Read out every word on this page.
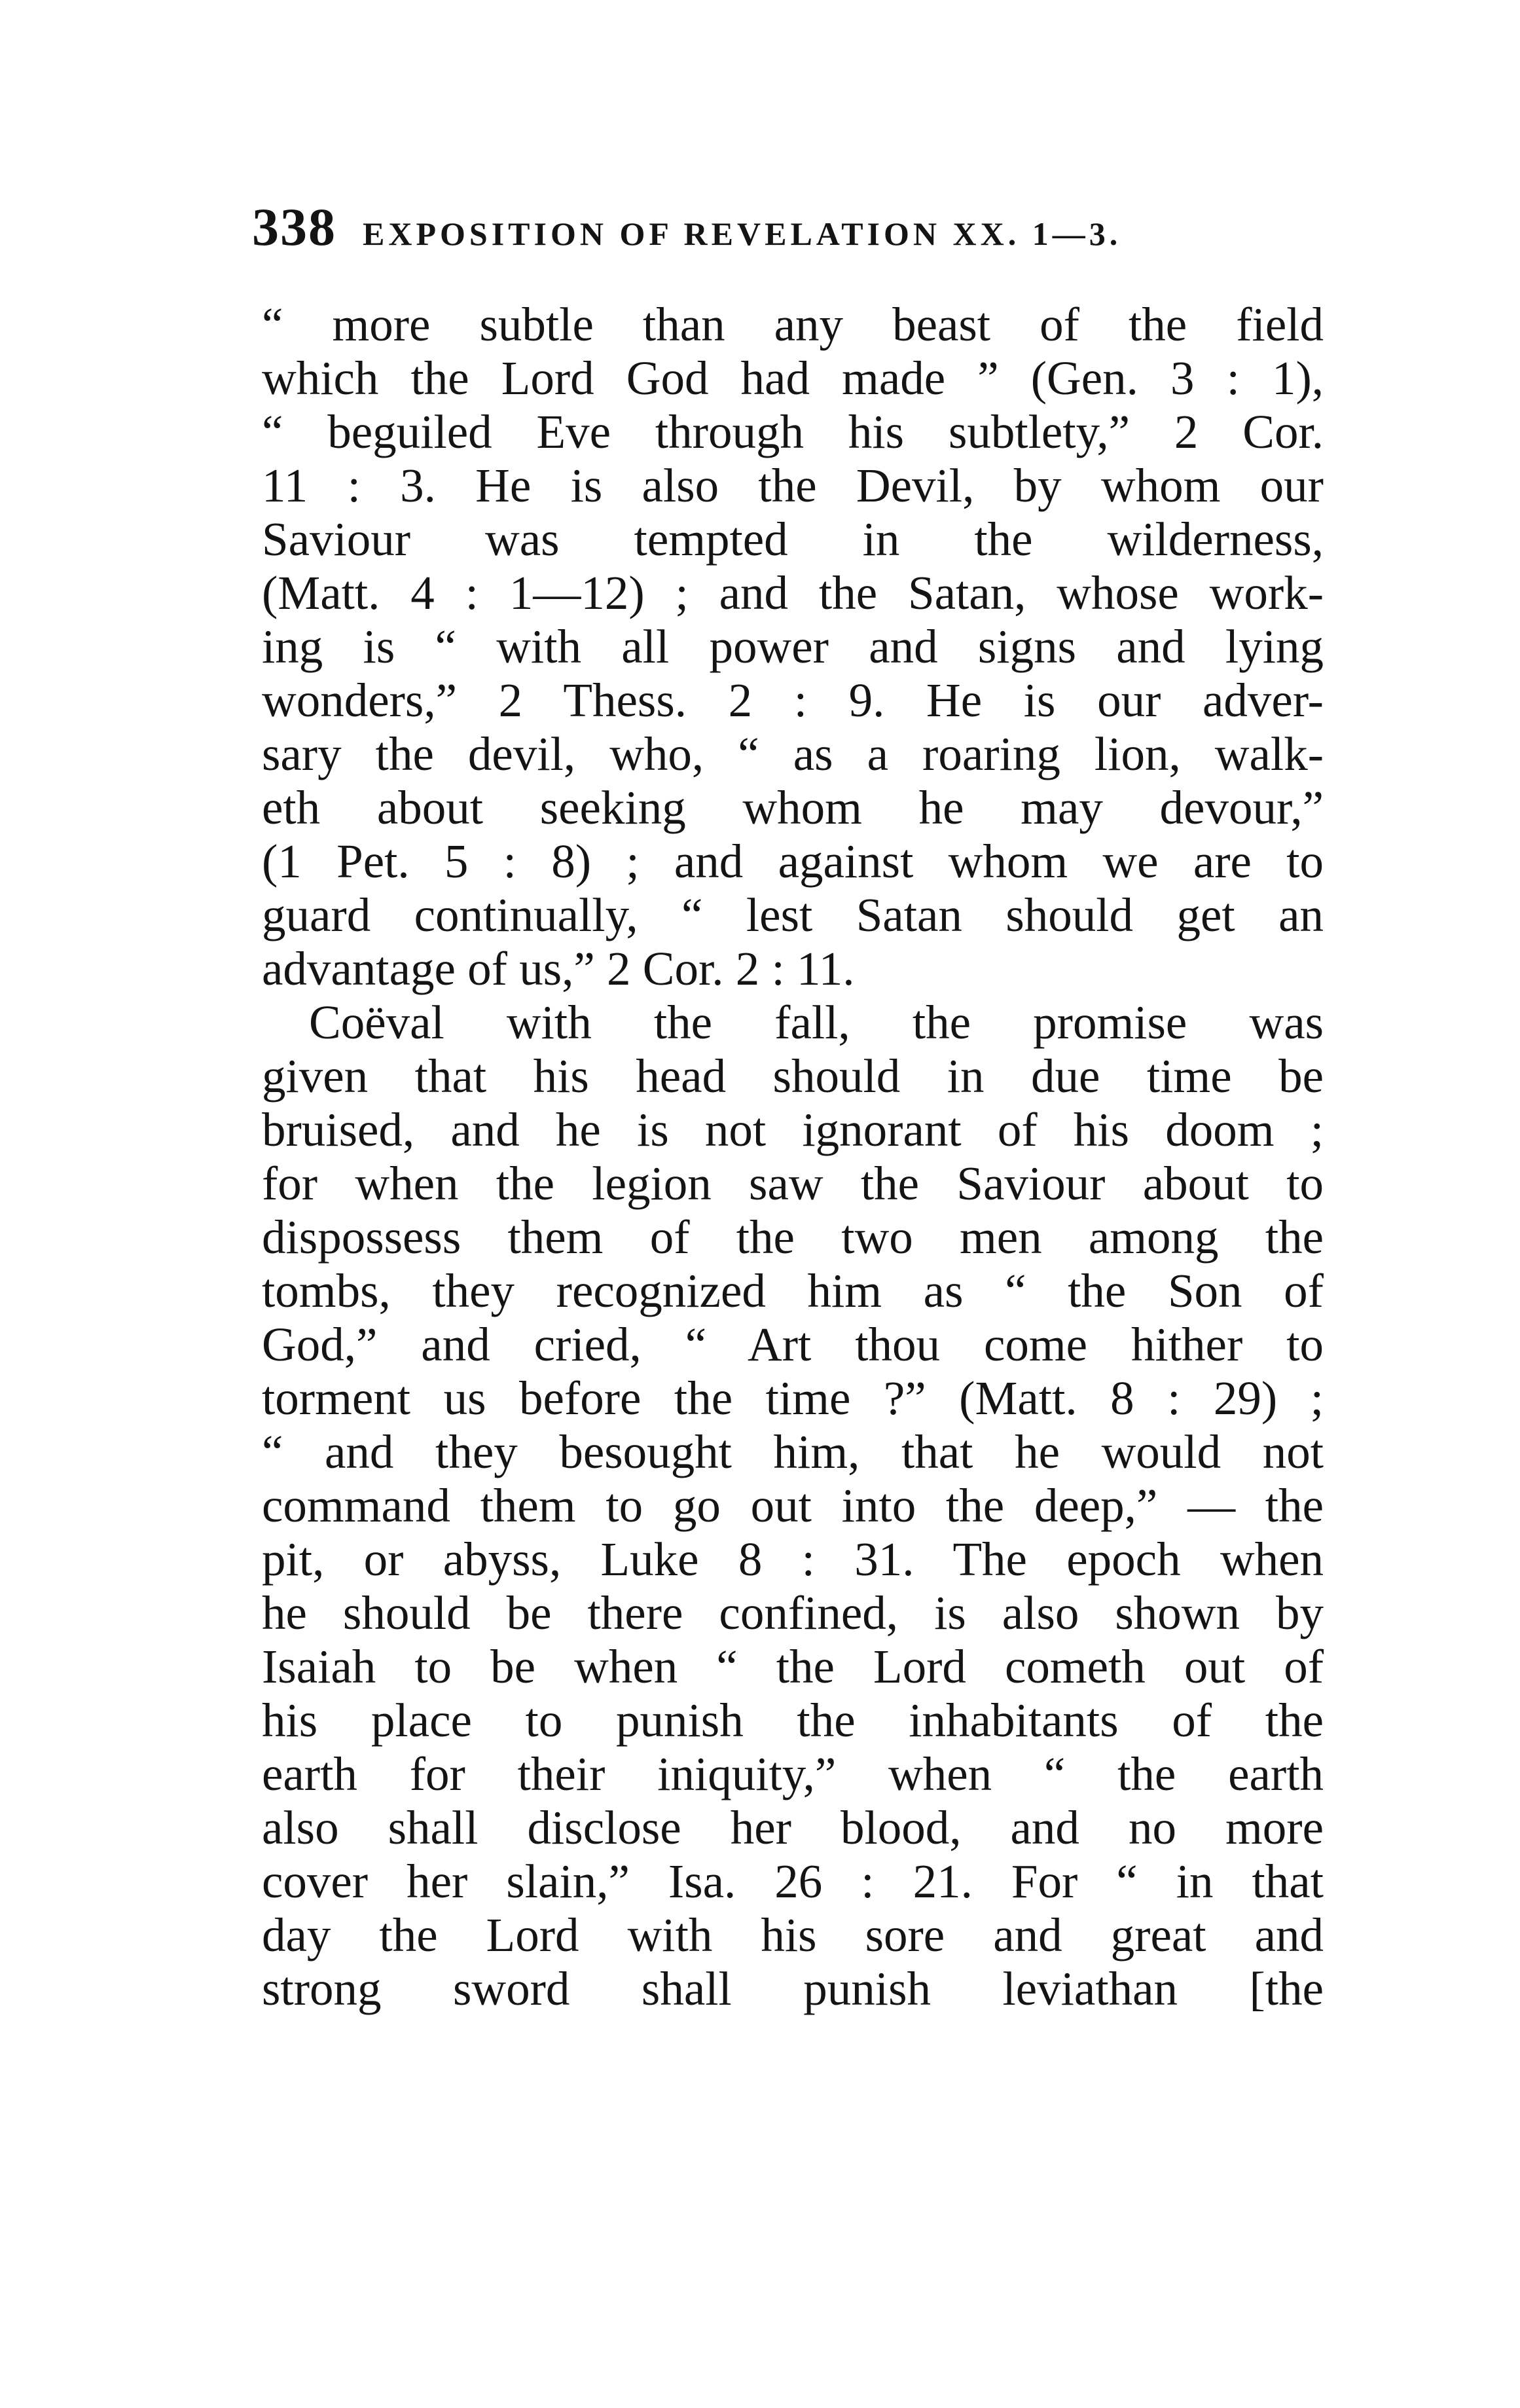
338 EXPOSITION OF REVELATION XX. 1—3.
“ more subtle than any beast of the field
which the Lord God had made ” (Gen. 3 : 1),
“ beguiled Eve through his subtlety,” 2 Cor.
11 : 3. He is also the Devil, by whom our
Saviour was tempted in the wilderness,
(Matt. 4 : 1—12) ; and the Satan, whose work-
ing is “ with all power and signs and lying
wonders,” 2 Thess. 2 : 9. He is our adver-
sary the devil, who, “ as a roaring lion, walk-
eth about seeking whom he may devour,”
(1 Pet. 5 : 8) ; and against whom we are to
guard continually, “ lest Satan should get an
advantage of us,” 2 Cor. 2 : 11.
Coëval with the fall, the promise was
given that his head should in due time be
bruised, and he is not ignorant of his doom ;
for when the legion saw the Saviour about to
dispossess them of the two men among the
tombs, they recognized him as “ the Son of
God,” and cried, “ Art thou come hither to
torment us before the time ?” (Matt. 8 : 29) ;
“ and they besought him, that he would not
command them to go out into the deep,” — the
pit, or abyss, Luke 8 : 31. The epoch when
he should be there confined, is also shown by
Isaiah to be when “ the Lord cometh out of
his place to punish the inhabitants of the
earth for their iniquity,” when “ the earth
also shall disclose her blood, and no more
cover her slain,” Isa. 26 : 21. For “ in that
day the Lord with his sore and great and
strong sword shall punish leviathan [the
